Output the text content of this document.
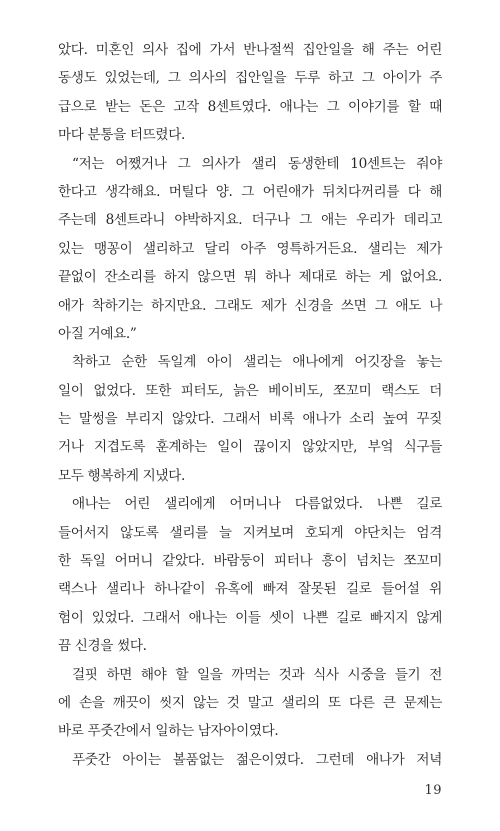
았다. 미혼인 의사 집에 가서 반나절씩 집안일을 해 주는 어린
동생도 있었는데, 그 의사의 집안일을 두루 하고 그 아이가 주
급으로 받는 돈은 고작 8센트였다. 애나는 그 이야기를 할 때
마다 분통을 터뜨렸다.
“저는 어쨌거나 그 의사가 샐리 동생한테 10센트는 줘야
한다고 생각해요. 머틸다 양. 그 어린애가 뒤치다꺼리를 다 해
주는데 8센트라니 야박하지요. 더구나 그 애는 우리가 데리고
있는 맹꽁이 샐리하고 달리 아주 영특하거든요. 샐리는 제가
끝없이 잔소리를 하지 않으면 뭐 하나 제대로 하는 게 없어요.
애가 착하기는 하지만요. 그래도 제가 신경을 쓰면 그 애도 나
아질 거예요.”
착하고 순한 독일계 아이 샐리는 애나에게 어깃장을 놓는
일이 없었다. 또한 피터도, 늙은 베이비도, 쪼꼬미 랙스도 더
는 말썽을 부리지 않았다. 그래서 비록 애나가 소리 높여 꾸짖
거나 지겹도록 훈계하는 일이 끊이지 않았지만, 부엌 식구들
모두 행복하게 지냈다.
애나는 어린 샐리에게 어머니나 다름없었다. 나쁜 길로
들어서지 않도록 샐리를 늘 지켜보며 호되게 야단치는 엄격
한 독일 어머니 같았다. 바람둥이 피터나 흥이 넘치는 쪼꼬미
랙스나 샐리나 하나같이 유혹에 빠져 잘못된 길로 들어설 위
험이 있었다. 그래서 애나는 이들 셋이 나쁜 길로 빠지지 않게
끔 신경을 썼다.
걸핏 하면 해야 할 일을 까먹는 것과 식사 시중을 들기 전
에 손을 깨끗이 씻지 않는 것 말고 샐리의 또 다른 큰 문제는
바로 푸줏간에서 일하는 남자아이였다.
푸줏간 아이는 볼품없는 젊은이였다. 그런데 애나가 저녁
19
